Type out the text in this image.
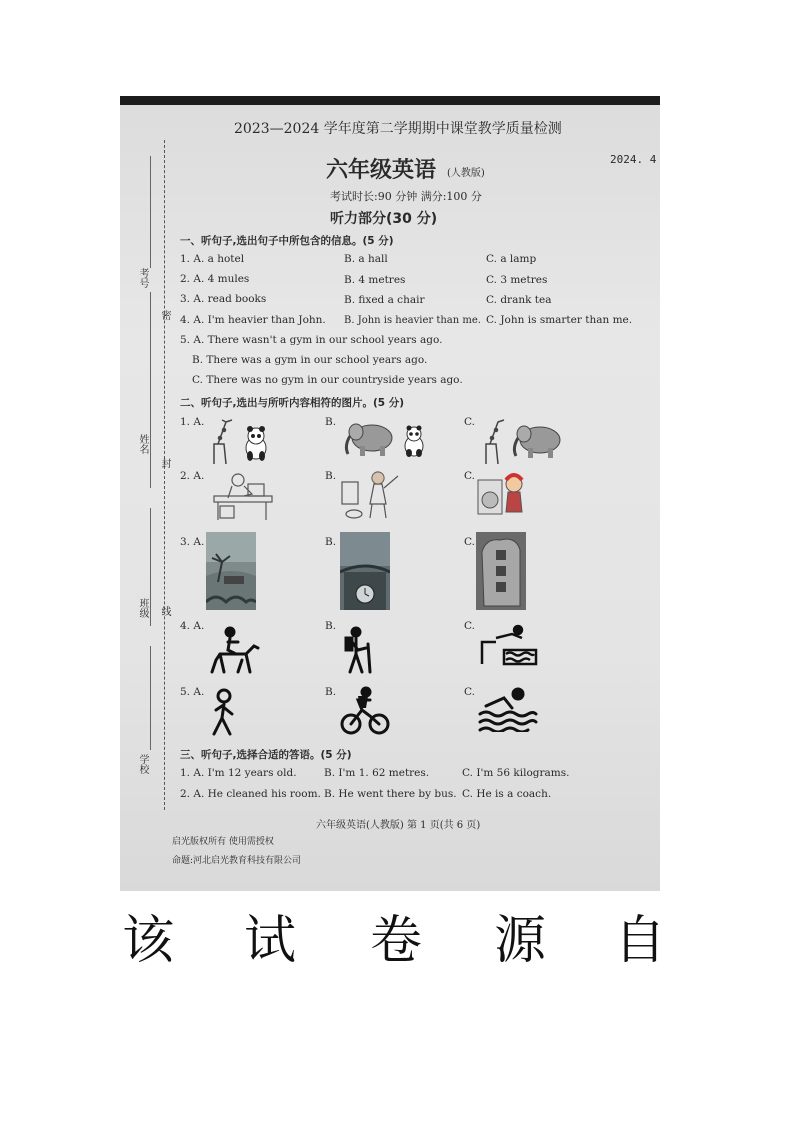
考号
姓名
班级
学校
密
封
线
2023—2024 学年度第二学期期中课堂教学质量检测
2024. 4
六年级英语 (人教版)
考试时长:90 分钟 满分:100 分
听力部分(30 分)
一、听句子,选出句子中所包含的信息。(5 分)
1. A. a hotel	B. a hall	C. a lamp
2. A. 4 mules	B. 4 metres	C. 3 metres
3. A. read books	B. fixed a chair	C. drank tea
4. A. I'm heavier than John. B. John is heavier than me. C. John is smarter than me.
5. A. There wasn't a gym in our school years ago.
B. There was a gym in our school years ago.
C. There was no gym in our countryside years ago.
二、听句子,选出与所听内容相符的图片。(5 分)
1. A.	B.	C.
2. A.	B.	C.
3. A.	B.	C.
4. A.	B.	C.
5. A.	B.	C.
三、听句子,选择合适的答语。(5 分)
1. A. I'm 12 years old.	B. I'm 1. 62 metres.	C. I'm 56 kilograms.
2. A. He cleaned his room. B. He went there by bus. C. He is a coach.
六年级英语(人教版) 第 1 页(共 6 页)
启光版权所有 使用需授权
命题:河北启光教育科技有限公司
该 试 卷 源 自
